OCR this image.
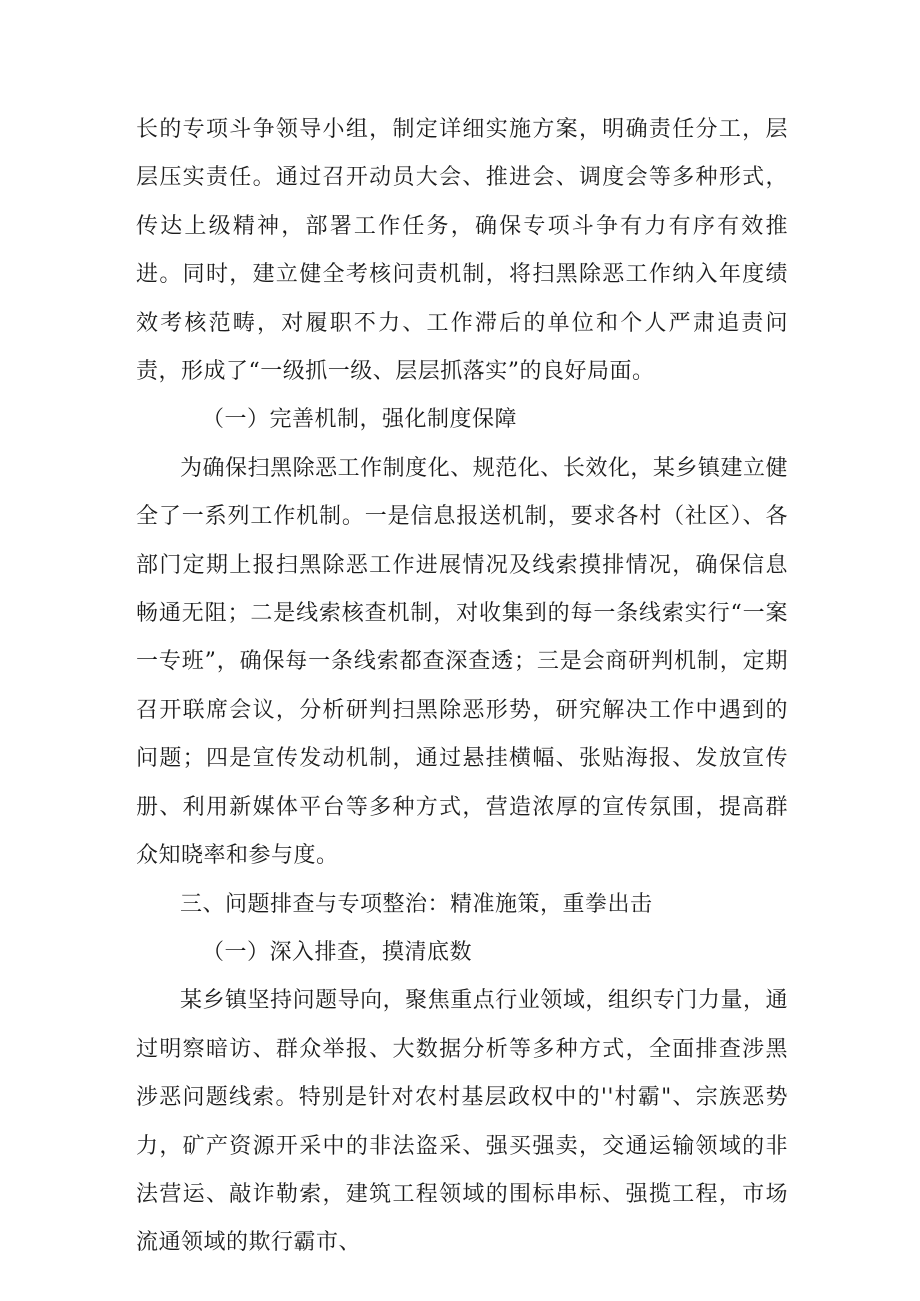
长的专项斗争领导小组，制定详细实施方案，明确责任分工，层层压实责任。通过召开动员大会、推进会、调度会等多种形式，传达上级精神，部署工作任务，确保专项斗争有力有序有效推进。同时，建立健全考核问责机制，将扫黑除恶工作纳入年度绩效考核范畴，对履职不力、工作滞后的单位和个人严肃追责问责，形成了“一级抓一级、层层抓落实”的良好局面。

（一）完善机制，强化制度保障

为确保扫黑除恶工作制度化、规范化、长效化，某乡镇建立健全了一系列工作机制。一是信息报送机制，要求各村（社区）、各部门定期上报扫黑除恶工作进展情况及线索摸排情况，确保信息畅通无阻；二是线索核查机制，对收集到的每一条线索实行“一案一专班”，确保每一条线索都查深查透；三是会商研判机制，定期召开联席会议，分析研判扫黑除恶形势，研究解决工作中遇到的问题；四是宣传发动机制，通过悬挂横幅、张贴海报、发放宣传册、利用新媒体平台等多种方式，营造浓厚的宣传氛围，提高群众知晓率和参与度。

三、问题排查与专项整治：精准施策，重拳出击

（一）深入排查，摸清底数

某乡镇坚持问题导向，聚焦重点行业领域，组织专门力量，通过明察暗访、群众举报、大数据分析等多种方式，全面排查涉黑涉恶问题线索。特别是针对农村基层政权中的''村霸"、宗族恶势力，矿产资源开采中的非法盗采、强买强卖，交通运输领域的非法营运、敲诈勒索，建筑工程领域的围标串标、强揽工程，市场流通领域的欺行霸市、
